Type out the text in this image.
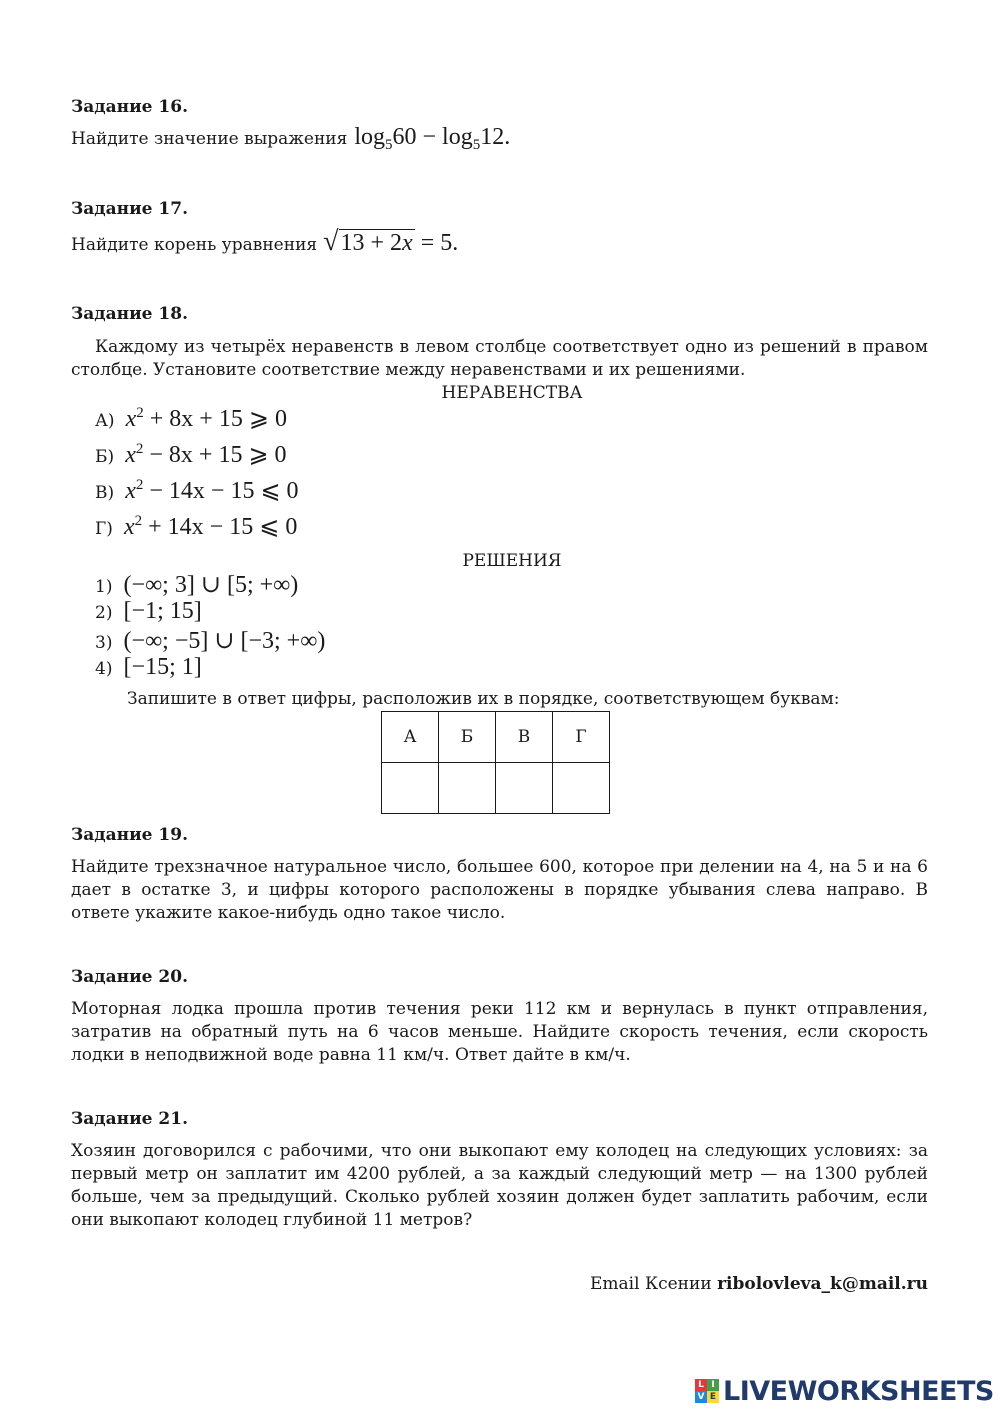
Задание 16.
Найдите значение выражения $\log_560 - \log_512$.
Задание 17.
Найдите корень уравнения √13 + 2x = 5.
Задание 18.
Каждому из четырёх неравенств в левом столбце соответствует одно из решений в правом столбце. Установите соответствие между неравенствами и их решениями.
НЕРАВЕНСТВА
А) $x^2 + 8x + 15$ ⩾ 0
Б) $x^2 - 8x + 15$ ⩾ 0
В) $x^2 - 14x - 15$ ⩽ 0
Г) $x^2 + 14x - 15$ ⩽ 0
РЕШЕНИЯ
1) (−∞; 3] ∪ [5; +∞)
2) [−1; 15]
3) (−∞; −5] ∪ [−3; +∞)
4) [−15; 1]
Запишите в ответ цифры, расположив их в порядке, соответствующем буквам:
А	Б	В	Г

Задание 19.
Найдите трехзначное натуральное число, большее 600, которое при делении на 4, на 5 и на 6 дает в остатке 3, и цифры которого расположены в порядке убывания слева направо. В ответе укажите какое-нибудь одно такое число.
Задание 20.
Моторная лодка прошла против течения реки 112 км и вернулась в пункт отправления, затратив на обратный путь на 6 часов меньше. Найдите скорость течения, если скорость лодки в неподвижной воде равна 11 км/ч. Ответ дайте в км/ч.
Задание 21.
Хозяин договорился с рабочими, что они выкопают ему колодец на следующих условиях: за первый метр он заплатит им 4200 рублей, а за каждый следующий метр — на 1300 рублей больше, чем за предыдущий. Сколько рублей хозяин должен будет заплатить рабочим, если они выкопают колодец глубиной 11 метров?
Email Ксении ribolovleva_k@mail.ru
L I
V E LIVEWORKSHEETS
